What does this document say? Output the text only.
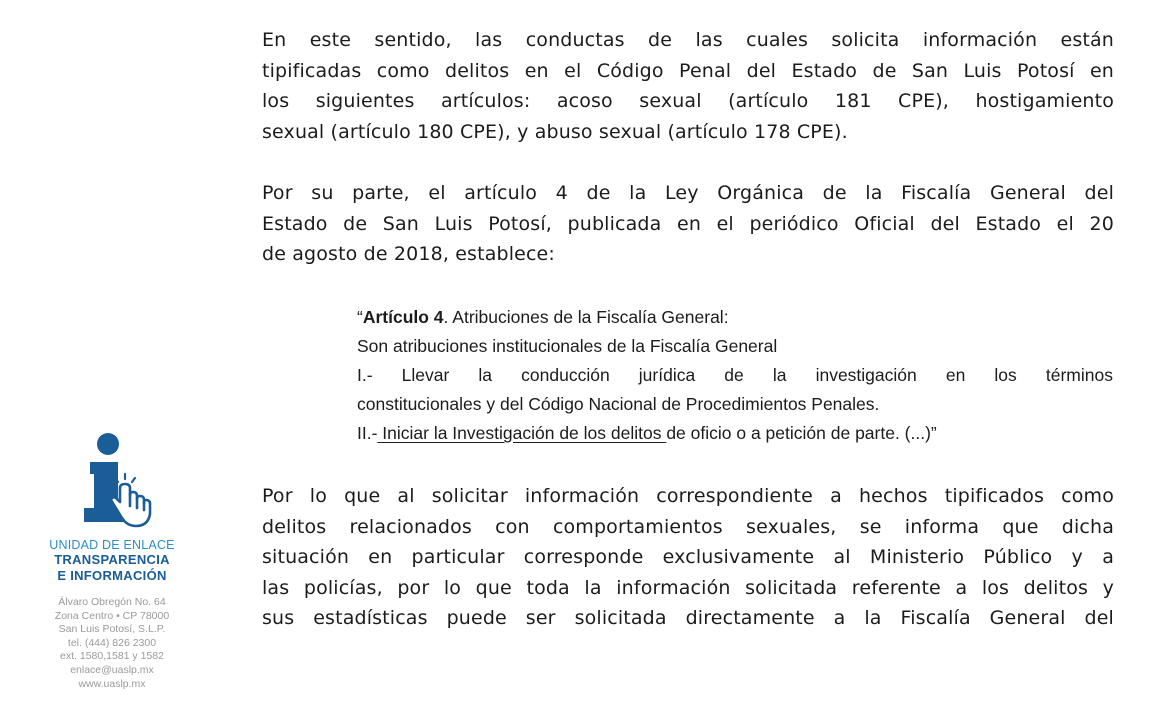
En este sentido, las conductas de las cuales solicita información están
tipificadas como delitos en el Código Penal del Estado de San Luis Potosí en
los siguientes artículos: acoso sexual (artículo 181 CPE), hostigamiento
sexual (artículo 180 CPE), y abuso sexual (artículo 178 CPE).
Por su parte, el artículo 4 de la Ley Orgánica de la Fiscalía General del
Estado de San Luis Potosí, publicada en el periódico Oficial del Estado el 20
de agosto de 2018, establece:
“Artículo 4. Atribuciones de la Fiscalía General:
Son atribuciones institucionales de la Fiscalía General
I.- Llevar la conducción jurídica de la investigación en los términos
constitucionales y del Código Nacional de Procedimientos Penales.
II.- Iniciar la Investigación de los delitos de oficio o a petición de parte. (...)”
Por lo que al solicitar información correspondiente a hechos tipificados como
delitos relacionados con comportamientos sexuales, se informa que dicha
situación en particular corresponde exclusivamente al Ministerio Público y a
las policías, por lo que toda la información solicitada referente a los delitos y
sus estadísticas puede ser solicitada directamente a la Fiscalía General del
UNIDAD DE ENLACE
TRANSPARENCIA
E INFORMACIÓN
Álvaro Obregón No. 64
Zona Centro • CP 78000
San Luis Potosí, S.L.P.
tel. (444) 826 2300
ext. 1580,1581 y 1582
enlace@uaslp.mx
www.uaslp.mx
